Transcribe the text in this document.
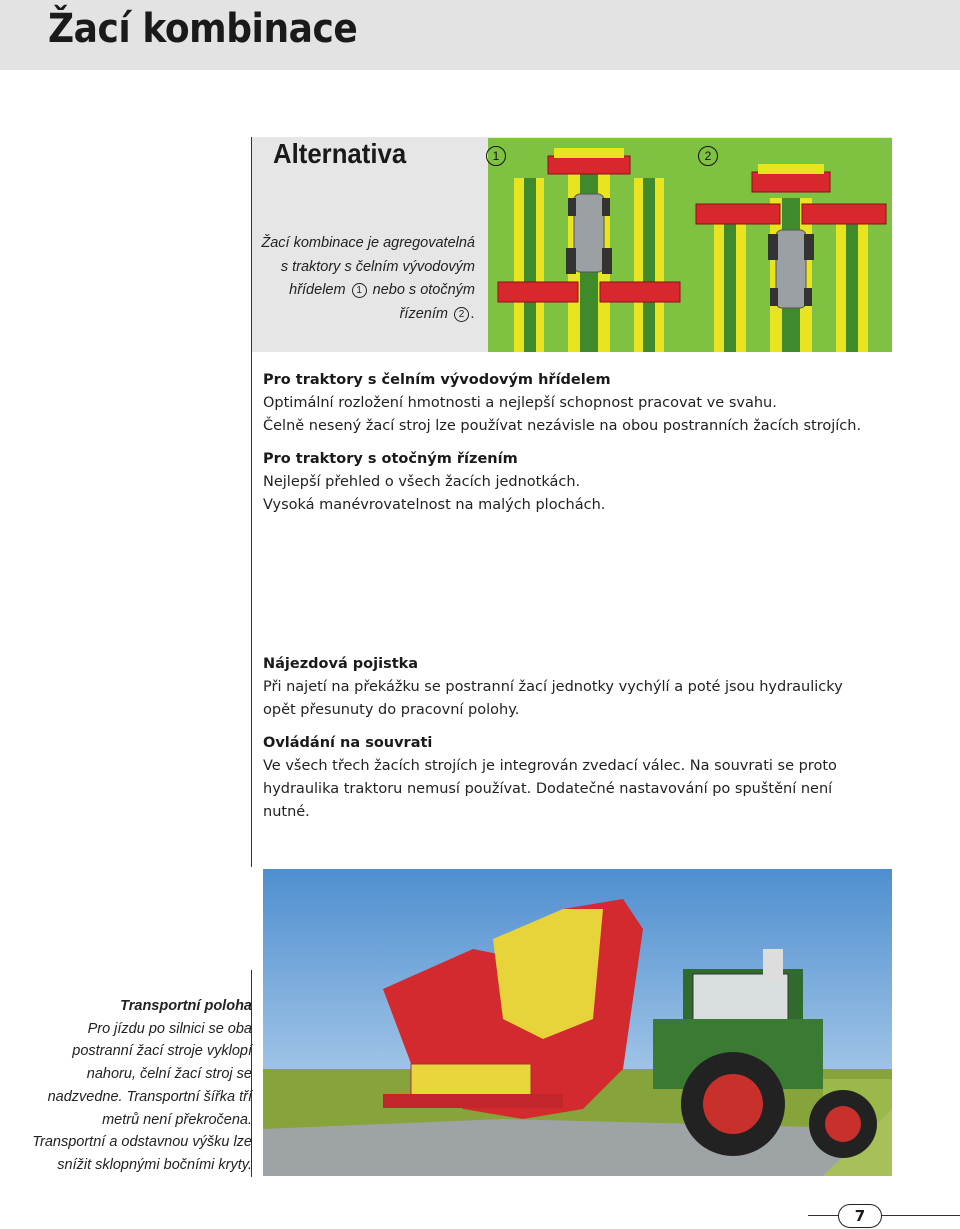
Žací kombinace
Alternativa
Žací kombinace je agregovatelná
s traktory s čelním vývodovým
hřídelem 1 nebo s otočným
řízením 2 .
1	2
Pro traktory s čelním vývodovým hřídelem

Optimální rozložení hmotnosti a nejlepší schopnost pracovat ve svahu.

Čelně nesený žací stroj lze používat nezávisle na obou postranních žacích strojích.

Pro traktory s otočným řízením

Nejlepší přehled o všech žacích jednotkách.

Vysoká manévrovatelnost na malých plochách.

Nájezdová pojistka

Při najetí na překážku se postranní žací jednotky vychýlí a poté jsou hydraulicky

opět přesunuty do pracovní polohy.

Ovládání na souvrati

Ve všech třech žacích strojích je integrován zvedací válec. Na souvrati se proto

hydraulika traktoru nemusí používat. Dodatečné nastavování po spuštění není

nutné.

Transportní poloha
Pro jízdu po silnici se oba
postranní žací stroje vyklopí
nahoru, čelní žací stroj se
nadzvedne. Transportní šířka tří
metrů není překročena.
Transportní a odstavnou výšku lze
snížit sklopnými bočními kryty.
7
